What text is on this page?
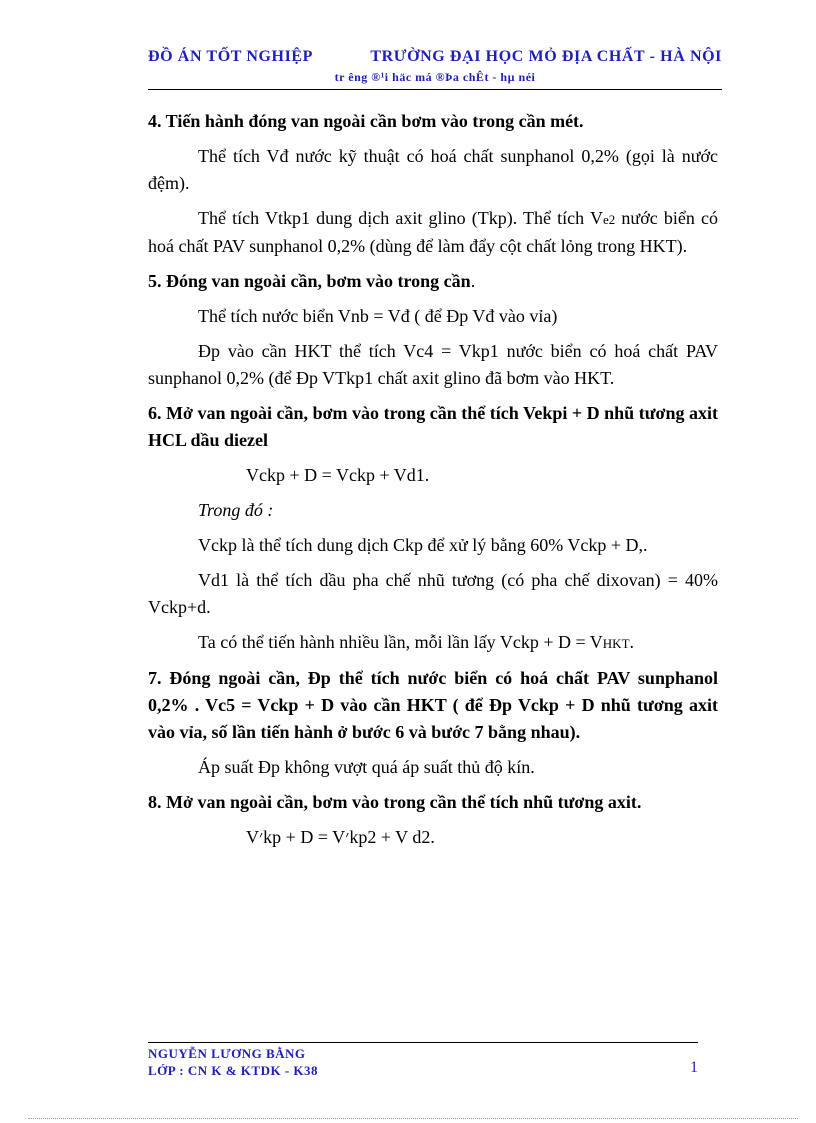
ĐỒ ÁN TỐT NGHIỆP	TRƯỜNG ĐẠI HỌC MỎ ĐỊA CHẤT - HÀ NỘI
tr êng ®¹i häc má ®Þa chÊt - hµ néi

4. Tiến hành đóng van ngoài cần bơm vào trong cần mét.

Thể tích Vđ nước kỹ thuật có hoá chất sunphanol 0,2% (gọi là nước đệm).

Thể tích Vtkp1 dung dịch axit glino (Tkp). Thể tích Ve2 nước biển có hoá chất PAV sunphanol 0,2% (dùng để làm đẩy cột chất lỏng trong HKT).

5. Đóng van ngoài cần, bơm vào trong cần.

Thể tích nước biển Vnb = Vđ ( để Đp Vđ vào vỉa)

Đp vào cần HKT thể tích Vc4 = Vkp1 nước biển có hoá chất PAV sunphanol 0,2% (để Đp VTkp1 chất axit glino đã bơm vào HKT.

6. Mở van ngoài cần, bơm vào trong cần thể tích Vekpi + D nhũ tương axit HCL dầu diezel

Vckp + D = Vckp + Vd1.

Trong đó :

Vckp là thể tích dung dịch Ckp để xử lý bằng 60% Vckp + D,.

Vd1 là thể tích dầu pha chế nhũ tương (có pha chế dixovan) = 40% Vckp+d.

Ta có thể tiến hành nhiều lần, mỗi lần lấy Vckp + D = VHKT.

7. Đóng ngoài cần, Đp thể tích nước biển có hoá chất PAV sunphanol 0,2% . Vc5 = Vckp + D vào cần HKT ( để Đp Vckp + D nhũ tương axit vào vỉa, số lần tiến hành ở bước 6 và bước 7 bằng nhau).

Áp suất Đp không vượt quá áp suất thủ độ kín.

8. Mở van ngoài cần, bơm vào trong cần thể tích nhũ tương axit.

V׳kp + D = V׳kp2 + V d2.

NGUYỄN LƯƠNG BẰNG
LỚP : CN K & KTDK - K38	1
